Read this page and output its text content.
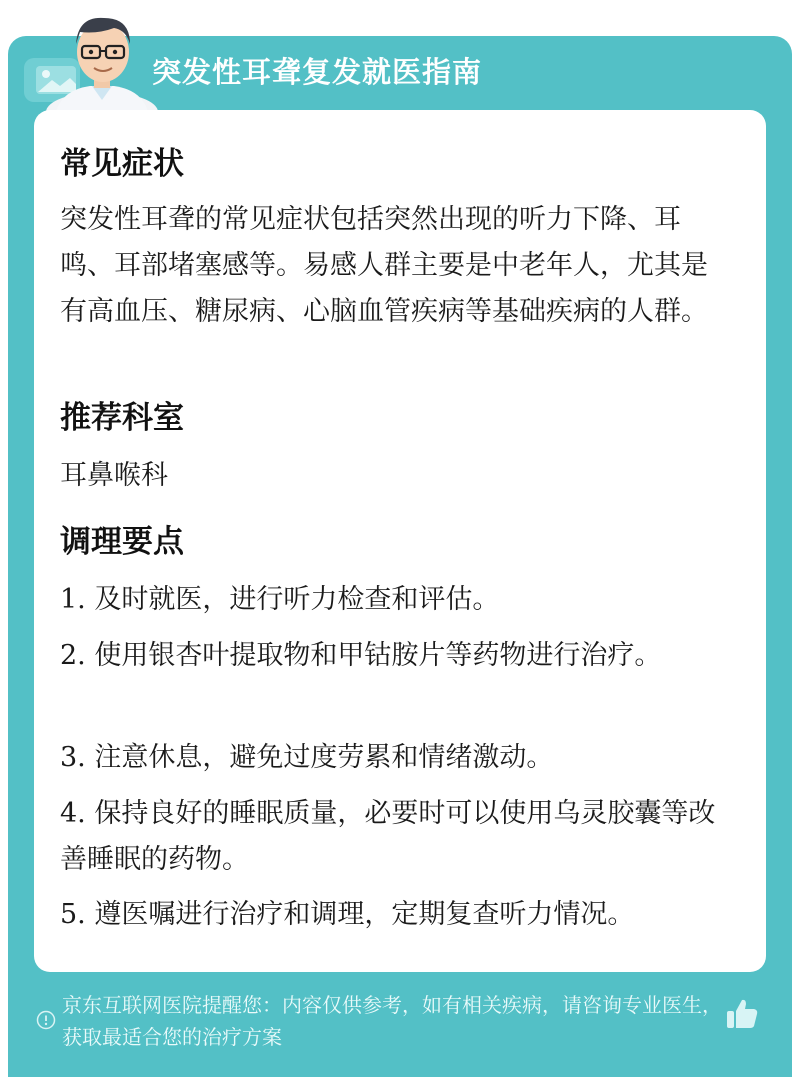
突发性耳聋复发就医指南
常见症状
突发性耳聋的常见症状包括突然出现的听力下降、耳鸣、耳部堵塞感等。易感人群主要是中老年人，尤其是有高血压、糖尿病、心脑血管疾病等基础疾病的人群。
推荐科室
耳鼻喉科
调理要点
1. 及时就医，进行听力检查和评估。
2. 使用银杏叶提取物和甲钴胺片等药物进行治疗。
3. 注意休息，避免过度劳累和情绪激动。
4. 保持良好的睡眠质量，必要时可以使用乌灵胶囊等改善睡眠的药物。
5. 遵医嘱进行治疗和调理，定期复查听力情况。
京东互联网医院提醒您：内容仅供参考，如有相关疾病，请咨询专业医生，获取最适合您的治疗方案
